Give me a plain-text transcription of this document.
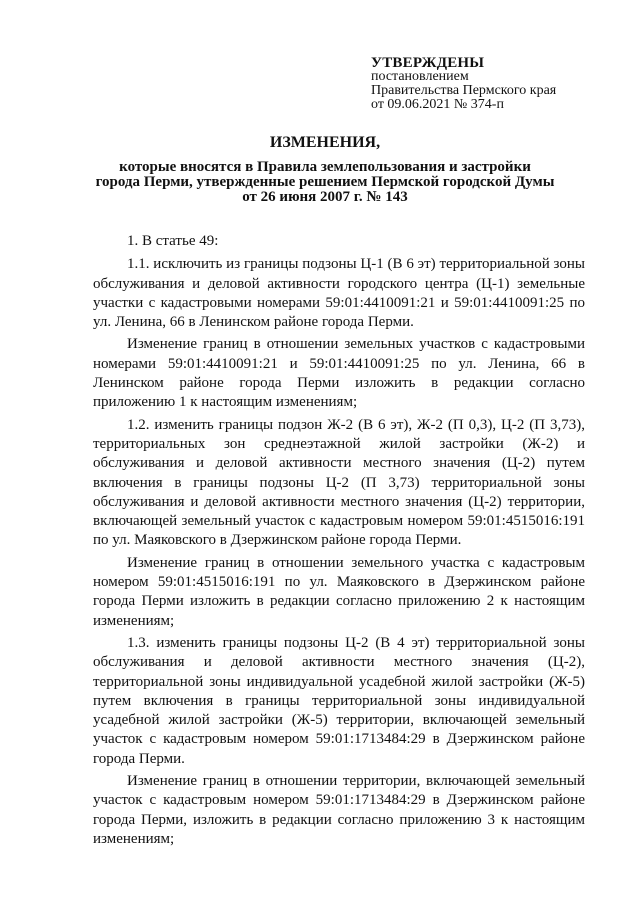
УТВЕРЖДЕНЫ
постановлением
Правительства Пермского края
от 09.06.2021 № 374-п
ИЗМЕНЕНИЯ,
которые вносятся в Правила землепользования и застройки
города Перми, утвержденные решением Пермской городской Думы
от 26 июня 2007 г. № 143

1. В статье 49:

1.1. исключить из границы подзоны Ц-1 (В 6 эт) территориальной зоны обслуживания и деловой активности городского центра (Ц-1) земельные участки с кадастровыми номерами 59:01:4410091:21 и 59:01:4410091:25 по ул. Ленина, 66 в Ленинском районе города Перми.

Изменение границ в отношении земельных участков с кадастровыми номерами 59:01:4410091:21 и 59:01:4410091:25 по ул. Ленина, 66 в Ленинском районе города Перми изложить в редакции согласно приложению 1 к настоящим изменениям;

1.2. изменить границы подзон Ж-2 (В 6 эт), Ж-2 (П 0,3), Ц-2 (П 3,73), территориальных зон среднеэтажной жилой застройки (Ж-2) и обслуживания и деловой активности местного значения (Ц-2) путем включения в границы подзоны Ц-2 (П 3,73) территориальной зоны обслуживания и деловой активности местного значения (Ц-2) территории, включающей земельный участок с кадастровым номером 59:01:4515016:191 по ул. Маяковского в Дзержинском районе города Перми.

Изменение границ в отношении земельного участка с кадастровым номером 59:01:4515016:191 по ул. Маяковского в Дзержинском районе города Перми изложить в редакции согласно приложению 2 к настоящим изменениям;

1.3. изменить границы подзоны Ц-2 (В 4 эт) территориальной зоны обслуживания и деловой активности местного значения (Ц-2), территориальной зоны индивидуальной усадебной жилой застройки (Ж-5) путем включения в границы территориальной зоны индивидуальной усадебной жилой застройки (Ж-5) территории, включающей земельный участок с кадастровым номером 59:01:1713484:29 в Дзержинском районе города Перми.

Изменение границ в отношении территории, включающей земельный участок с кадастровым номером 59:01:1713484:29 в Дзержинском районе города Перми, изложить в редакции согласно приложению 3 к настоящим изменениям;
